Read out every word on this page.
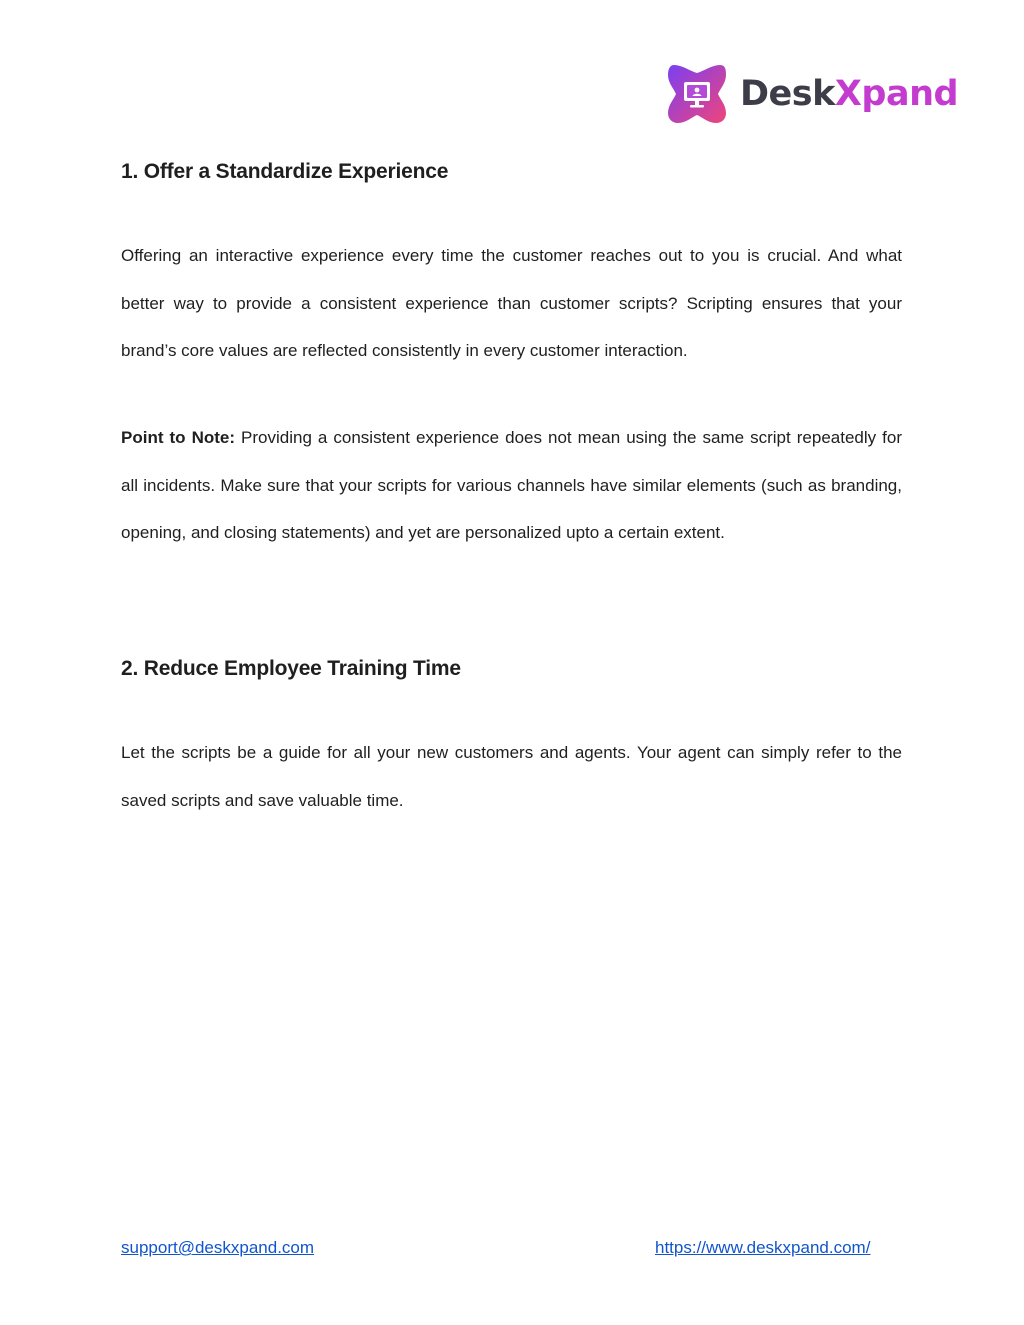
DeskXpand
1. Offer a Standardize Experience

Offering an interactive experience every time the customer reaches out to you is crucial. And what better way to provide a consistent experience than customer scripts? Scripting ensures that your brand’s core values are reflected consistently in every customer interaction.

Point to Note: Providing a consistent experience does not mean using the same script repeatedly for all incidents. Make sure that your scripts for various channels have similar elements (such as branding, opening, and closing statements) and yet are personalized upto a certain extent.

2. Reduce Employee Training Time

Let the scripts be a guide for all your new customers and agents. Your agent can simply refer to the saved scripts and save valuable time.

support@deskxpand.com	https://www.deskxpand.com/
